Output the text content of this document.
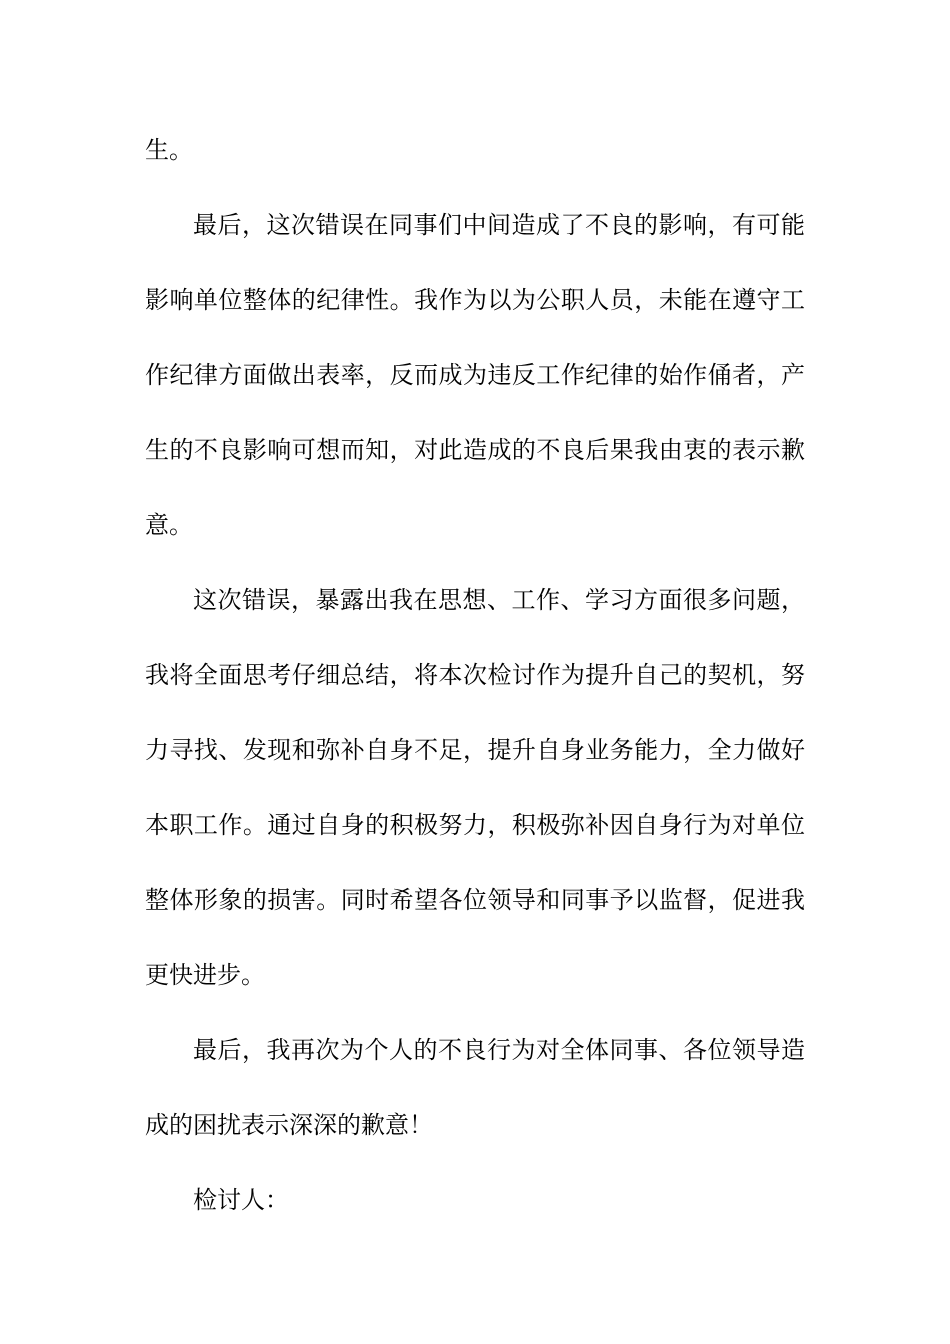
生。

最后，这次错误在同事们中间造成了不良的影响，有可能

影响单位整体的纪律性。我作为以为公职人员，未能在遵守工

作纪律方面做出表率，反而成为违反工作纪律的始作俑者，产

生的不良影响可想而知，对此造成的不良后果我由衷的表示歉

意。

这次错误，暴露出我在思想、工作、学习方面很多问题，

我将全面思考仔细总结，将本次检讨作为提升自己的契机，努

力寻找、发现和弥补自身不足，提升自身业务能力，全力做好

本职工作。通过自身的积极努力，积极弥补因自身行为对单位

整体形象的损害。同时希望各位领导和同事予以监督，促进我

更快进步。

最后，我再次为个人的不良行为对全体同事、各位领导造

成的困扰表示深深的歉意！

检讨人：
